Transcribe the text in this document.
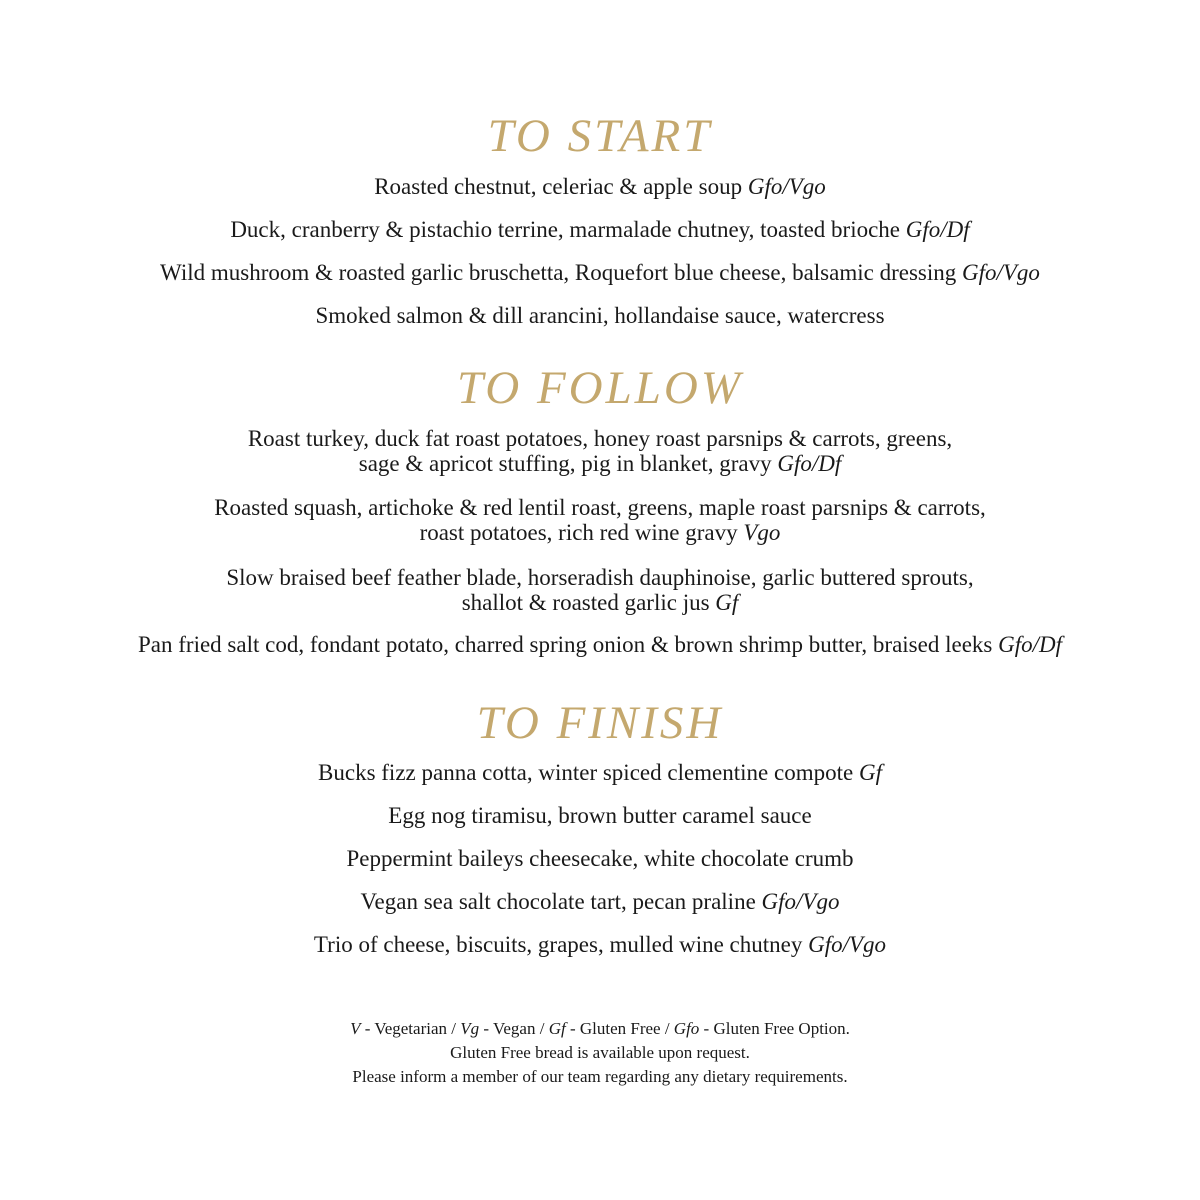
TO START
Roasted chestnut, celeriac & apple soup Gfo/Vgo
Duck, cranberry & pistachio terrine, marmalade chutney, toasted brioche Gfo/Df
Wild mushroom & roasted garlic bruschetta, Roquefort blue cheese, balsamic dressing Gfo/Vgo
Smoked salmon & dill arancini, hollandaise sauce, watercress
TO FOLLOW
Roast turkey, duck fat roast potatoes, honey roast parsnips & carrots, greens,
sage & apricot stuffing, pig in blanket, gravy Gfo/Df
Roasted squash, artichoke & red lentil roast, greens, maple roast parsnips & carrots,
roast potatoes, rich red wine gravy Vgo
Slow braised beef feather blade, horseradish dauphinoise, garlic buttered sprouts,
shallot & roasted garlic jus Gf
Pan fried salt cod, fondant potato, charred spring onion & brown shrimp butter, braised leeks Gfo/Df
TO FINISH
Bucks fizz panna cotta, winter spiced clementine compote Gf
Egg nog tiramisu, brown butter caramel sauce
Peppermint baileys cheesecake, white chocolate crumb
Vegan sea salt chocolate tart, pecan praline Gfo/Vgo
Trio of cheese, biscuits, grapes, mulled wine chutney Gfo/Vgo
V - Vegetarian / Vg - Vegan / Gf - Gluten Free / Gfo - Gluten Free Option.
Gluten Free bread is available upon request.
Please inform a member of our team regarding any dietary requirements.
